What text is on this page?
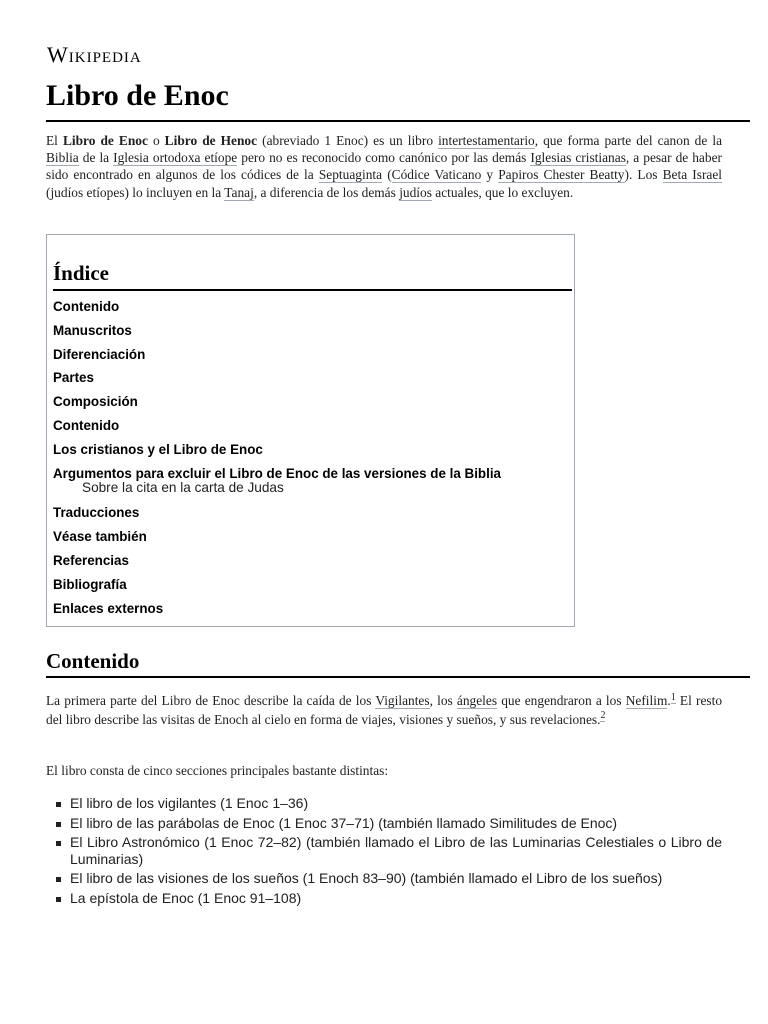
Wikipedia
Libro de Enoc

El Libro de Enoc o Libro de Henoc (abreviado 1 Enoc) es un libro intertestamentario, que forma parte del canon de la Biblia de la Iglesia ortodoxa etíope pero no es reconocido como canónico por las demás Iglesias cristianas, a pesar de haber sido encontrado en algunos de los códices de la Septuaginta (Códice Vaticano y Papiros Chester Beatty). Los Beta Israel (judíos etíopes) lo incluyen en la Tanaj, a diferencia de los demás judíos actuales, que lo excluyen.

Índice
Contenido
Manuscritos
Diferenciación
Partes
Composición
Contenido
Los cristianos y el Libro de Enoc
Argumentos para excluir el Libro de Enoc de las versiones de la Biblia
Sobre la cita en la carta de Judas
Traducciones
Véase también
Referencias
Bibliografía
Enlaces externos
Contenido

La primera parte del Libro de Enoc describe la caída de los Vigilantes, los ángeles que engendraron a los Nefilim.$^1$ El resto del libro describe las visitas de Enoch al cielo en forma de viajes, visiones y sueños, y sus revelaciones.$^2$

El libro consta de cinco secciones principales bastante distintas:

El libro de los vigilantes (1 Enoc 1–36)
El libro de las parábolas de Enoc (1 Enoc 37–71) (también llamado Similitudes de Enoc)
El Libro Astronómico (1 Enoc 72–82) (también llamado el Libro de las Luminarias Celestiales o Libro de Luminarias)
El libro de las visiones de los sueños (1 Enoch 83–90) (también llamado el Libro de los sueños)
La epístola de Enoc (1 Enoc 91–108)
